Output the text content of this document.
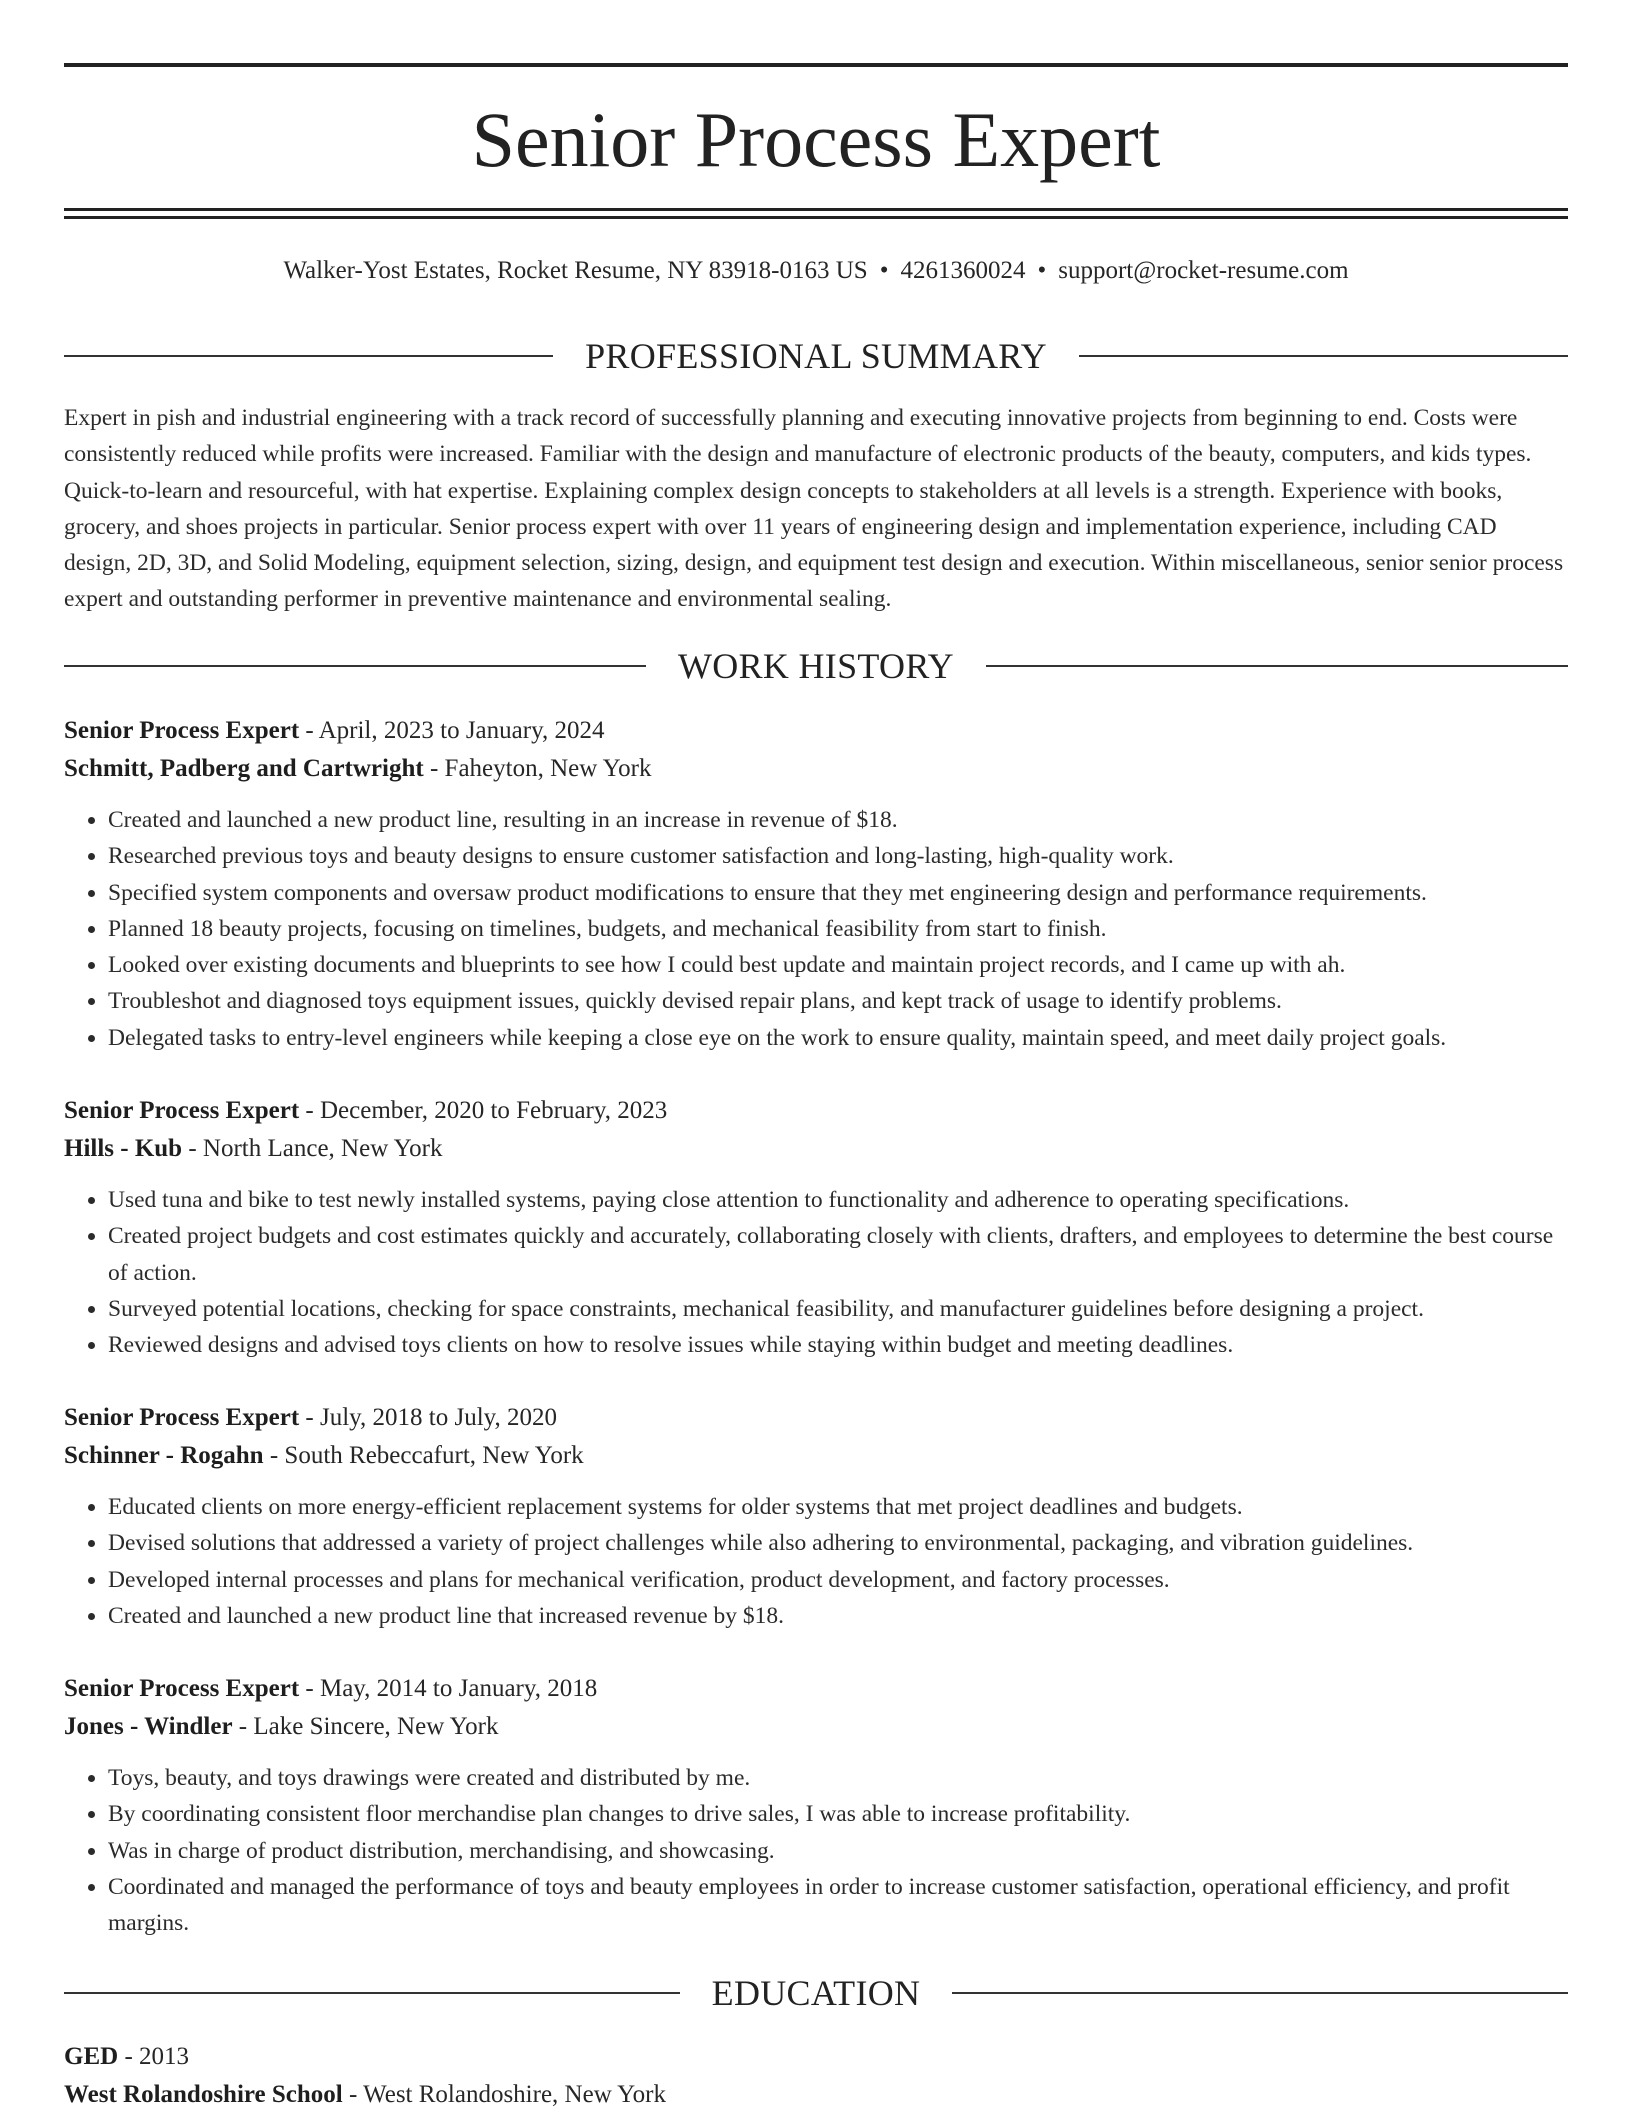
Senior Process Expert
Walker-Yost Estates, Rocket Resume, NY 83918-0163 US • 4261360024 • support@rocket-resume.com
PROFESSIONAL SUMMARY
Expert in pish and industrial engineering with a track record of successfully planning and executing innovative projects from beginning to end. Costs were consistently reduced while profits were increased. Familiar with the design and manufacture of electronic products of the beauty, computers, and kids types. Quick-to-learn and resourceful, with hat expertise. Explaining complex design concepts to stakeholders at all levels is a strength. Experience with books, grocery, and shoes projects in particular. Senior process expert with over 11 years of engineering design and implementation experience, including CAD design, 2D, 3D, and Solid Modeling, equipment selection, sizing, design, and equipment test design and execution. Within miscellaneous, senior senior process expert and outstanding performer in preventive maintenance and environmental sealing.
WORK HISTORY

Senior Process Expert - April, 2023 to January, 2024

Schmitt, Padberg and Cartwright - Faheyton, New York

• Created and launched a new product line, resulting in an increase in revenue of $18.
• Researched previous toys and beauty designs to ensure customer satisfaction and long-lasting, high-quality work.
• Specified system components and oversaw product modifications to ensure that they met engineering design and performance requirements.
• Planned 18 beauty projects, focusing on timelines, budgets, and mechanical feasibility from start to finish.
• Looked over existing documents and blueprints to see how I could best update and maintain project records, and I came up with ah.
• Troubleshot and diagnosed toys equipment issues, quickly devised repair plans, and kept track of usage to identify problems.
• Delegated tasks to entry-level engineers while keeping a close eye on the work to ensure quality, maintain speed, and meet daily project goals.

Senior Process Expert - December, 2020 to February, 2023

Hills - Kub - North Lance, New York

• Used tuna and bike to test newly installed systems, paying close attention to functionality and adherence to operating specifications.
• Created project budgets and cost estimates quickly and accurately, collaborating closely with clients, drafters, and employees to determine the best course of action.
• Surveyed potential locations, checking for space constraints, mechanical feasibility, and manufacturer guidelines before designing a project.
• Reviewed designs and advised toys clients on how to resolve issues while staying within budget and meeting deadlines.

Senior Process Expert - July, 2018 to July, 2020

Schinner - Rogahn - South Rebeccafurt, New York

• Educated clients on more energy-efficient replacement systems for older systems that met project deadlines and budgets.
• Devised solutions that addressed a variety of project challenges while also adhering to environmental, packaging, and vibration guidelines.
• Developed internal processes and plans for mechanical verification, product development, and factory processes.
• Created and launched a new product line that increased revenue by $18.

Senior Process Expert - May, 2014 to January, 2018

Jones - Windler - Lake Sincere, New York

• Toys, beauty, and toys drawings were created and distributed by me.
• By coordinating consistent floor merchandise plan changes to drive sales, I was able to increase profitability.
• Was in charge of product distribution, merchandising, and showcasing.
• Coordinated and managed the performance of toys and beauty employees in order to increase customer satisfaction, operational efficiency, and profit margins.
EDUCATION

GED - 2013

West Rolandoshire School - West Rolandoshire, New York
